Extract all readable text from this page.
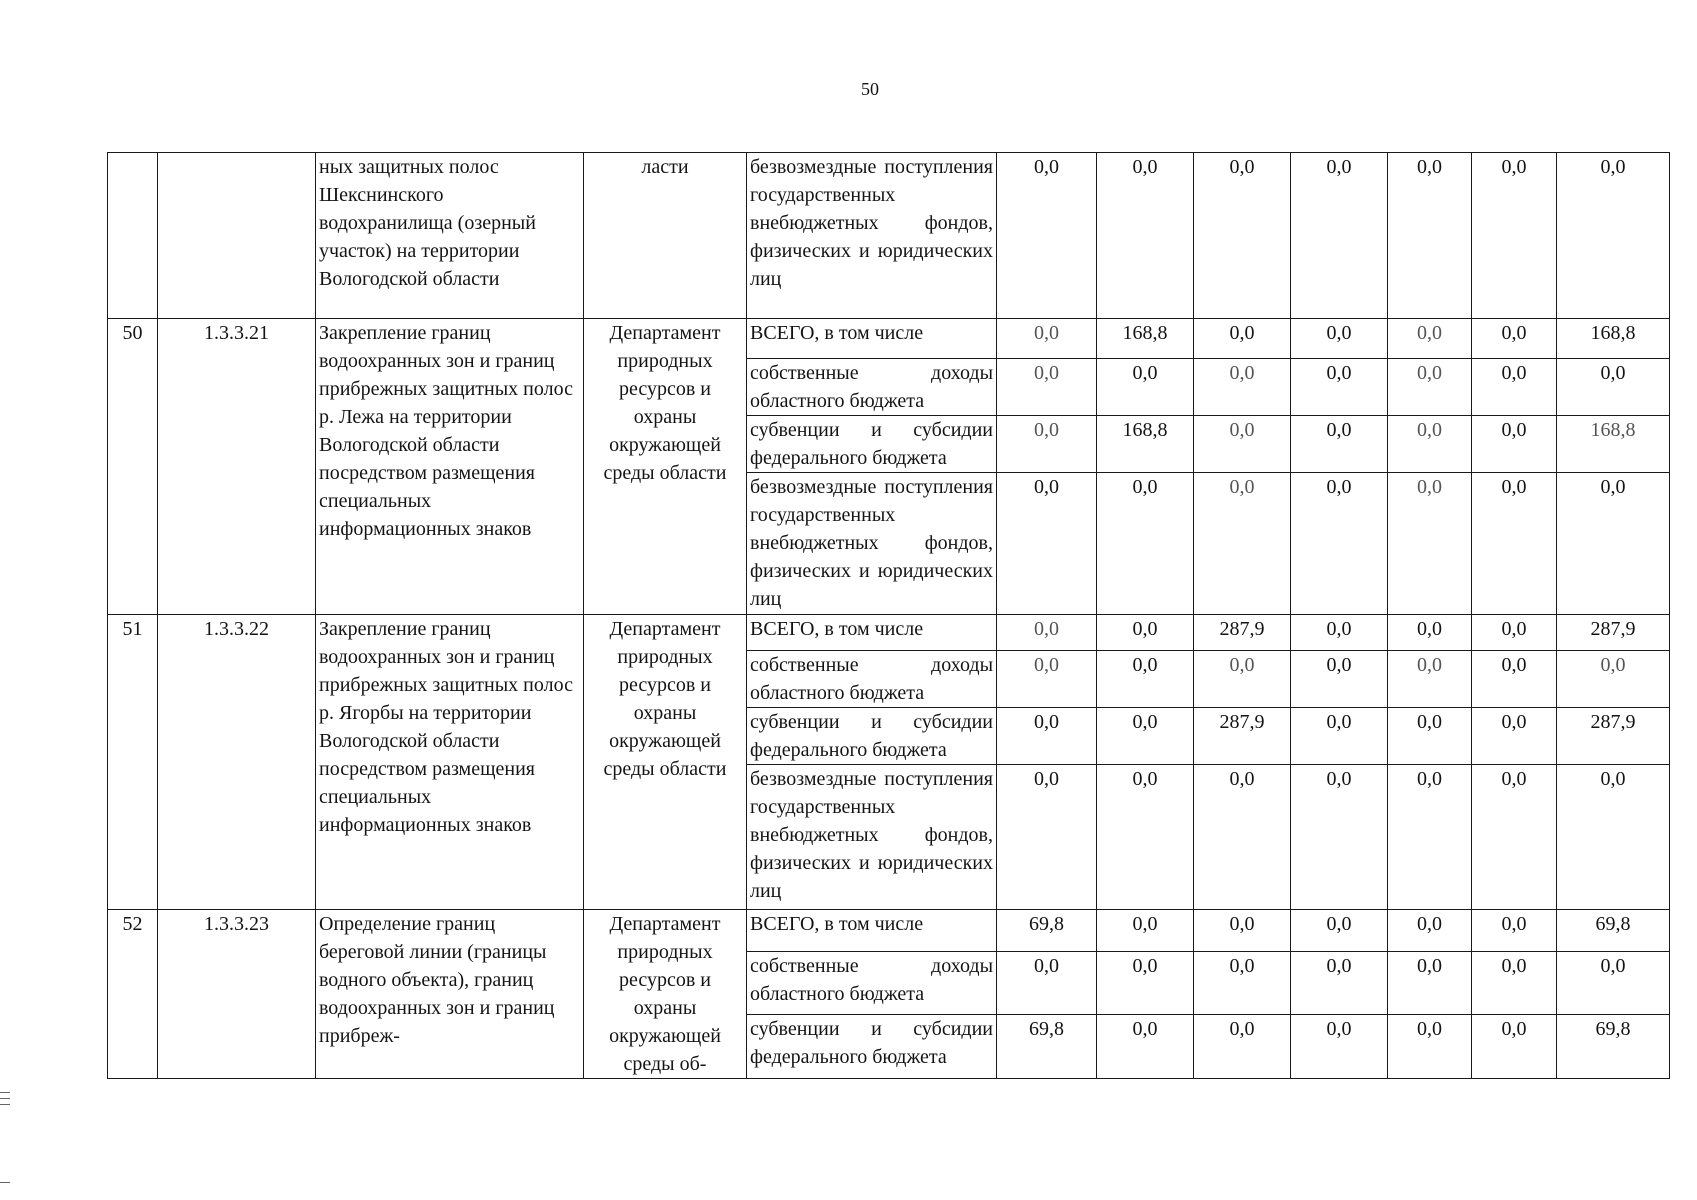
50
		ных защитных полос Шекснинского водохранилища (озерный участок) на территории Вологодской области	ласти	безвозмездные поступления государственных внебюджетных фондов, физических и юридических лиц	0,0	0,0	0,0	0,0	0,0	0,0	0,0
50	1.3.3.21	Закрепление границ водоохранных зон и границ прибрежных защитных полос р. Лежа на территории Вологодской области посредством размещения специальных информационных знаков	Департамент природных ресурсов и охраны окружающей среды области	ВСЕГО, в том числе	0,0	168,8	0,0	0,0	0,0	0,0	168,8
				собственные доходы областного бюджета	0,0	0,0	0,0	0,0	0,0	0,0	0,0
				субвенции и субсидии федерального бюджета	0,0	168,8	0,0	0,0	0,0	0,0	168,8
				безвозмездные поступления государственных внебюджетных фондов, физических и юридических лиц	0,0	0,0	0,0	0,0	0,0	0,0	0,0
51	1.3.3.22	Закрепление границ водоохранных зон и границ прибрежных защитных полос р. Ягорбы на территории Вологодской области посредством размещения специальных информационных знаков	Департамент природных ресурсов и охраны окружающей среды области	ВСЕГО, в том числе	0,0	0,0	287,9	0,0	0,0	0,0	287,9
				собственные доходы областного бюджета	0,0	0,0	0,0	0,0	0,0	0,0	0,0
				субвенции и субсидии федерального бюджета	0,0	0,0	287,9	0,0	0,0	0,0	287,9
				безвозмездные поступления государственных внебюджетных фондов, физических и юридических лиц	0,0	0,0	0,0	0,0	0,0	0,0	0,0
52	1.3.3.23	Определение границ береговой линии (границы водного объекта), границ водоохранных зон и границ прибреж-	Департамент природных ресурсов и охраны окружающей среды об-	ВСЕГО, в том числе	69,8	0,0	0,0	0,0	0,0	0,0	69,8
				собственные доходы областного бюджета	0,0	0,0	0,0	0,0	0,0	0,0	0,0
				субвенции и субсидии федерального бюджета	69,8	0,0	0,0	0,0	0,0	0,0	69,8
